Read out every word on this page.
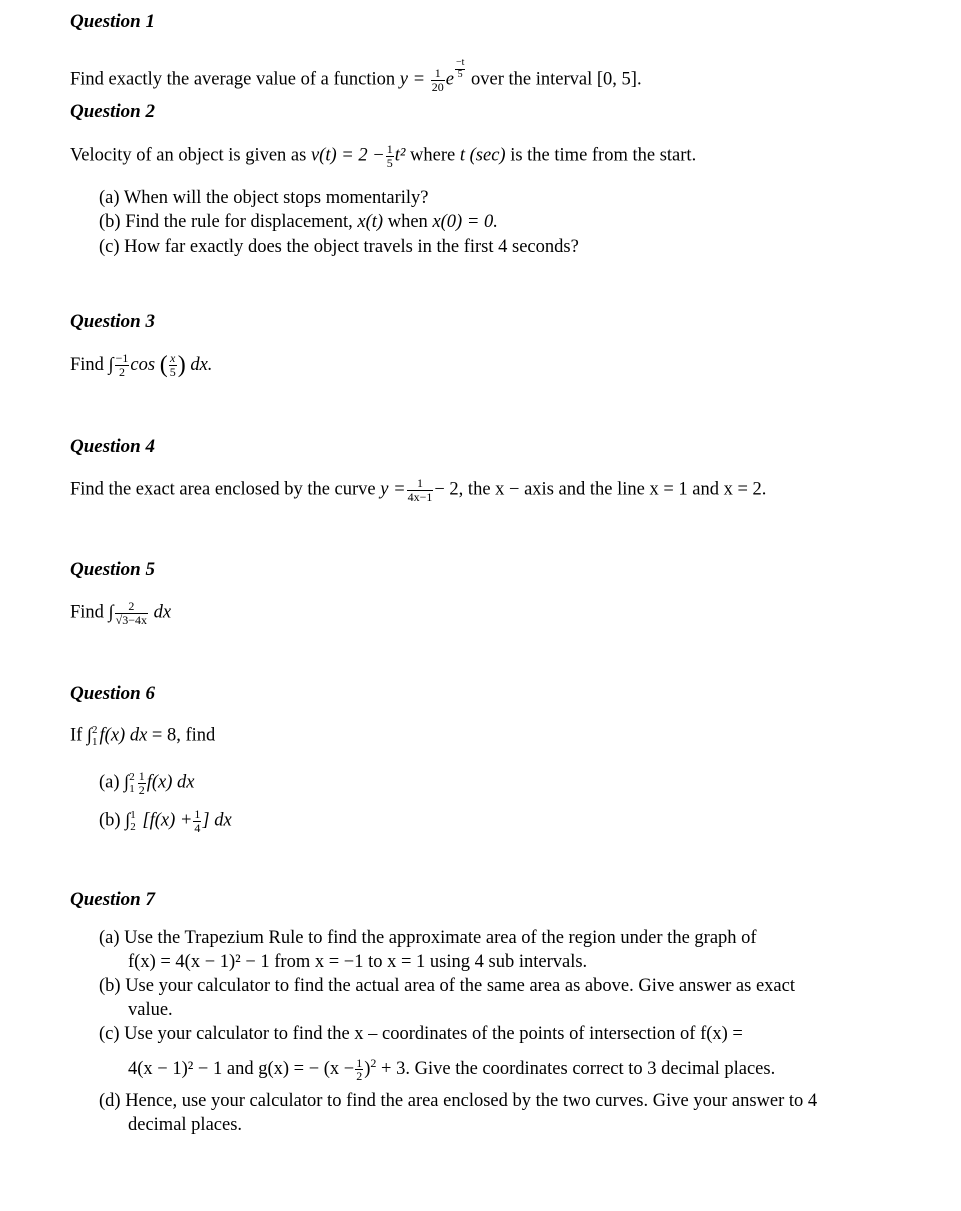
Question 1
Find exactly the average value of a function $y = \frac{1}{20}$ e $\frac{-t}{5}$ over the interval [0, 5].
Question 2
Velocity of an object is given as $v(t) = 2 - \frac{1}{5} t^2$ where t (sec) is the time from the start.
(a) When will the object stops momentarily?
(b) Find the rule for displacement, x(t) when x(0) = 0.
(c) How far exactly does the object travels in the first 4 seconds?
Question 3
Find ∫ $\frac{-1}{2}$ cos ( $\frac{x}{5}$ ) dx.
Question 4
Find the exact area enclosed by the curve $y = \frac{1}{4x-1} - 2$, the x − axis and the line x = 1 and x = 2.
Question 5
Find ∫ $\frac{2}{√3-4x}$ dx
Question 6
If ∫ 2
1 f(x) dx = 8, find
(a) ∫ 2
$1 \frac{1}{2} f(x)$ dx
(b) ∫ 1
2 [$f(x) + \frac{1}{4}$ ] dx
Question 7
(a) Use the Trapezium Rule to find the approximate area of the region under the graph of
f(x) = 4(x − 1)² − 1 from x = −1 to x = 1 using 4 sub intervals.
(b) Use your calculator to find the actual area of the same area as above. Give answer as exact
value.
(c) Use your calculator to find the x – coordinates of the points of intersection of f(x) =
4(x − 1)² − 1 and g(x) = − $(x - \frac{1}{2} )^2 + 3$. Give the coordinates correct to 3 decimal places.
(d) Hence, use your calculator to find the area enclosed by the two curves. Give your answer to 4
decimal places.
